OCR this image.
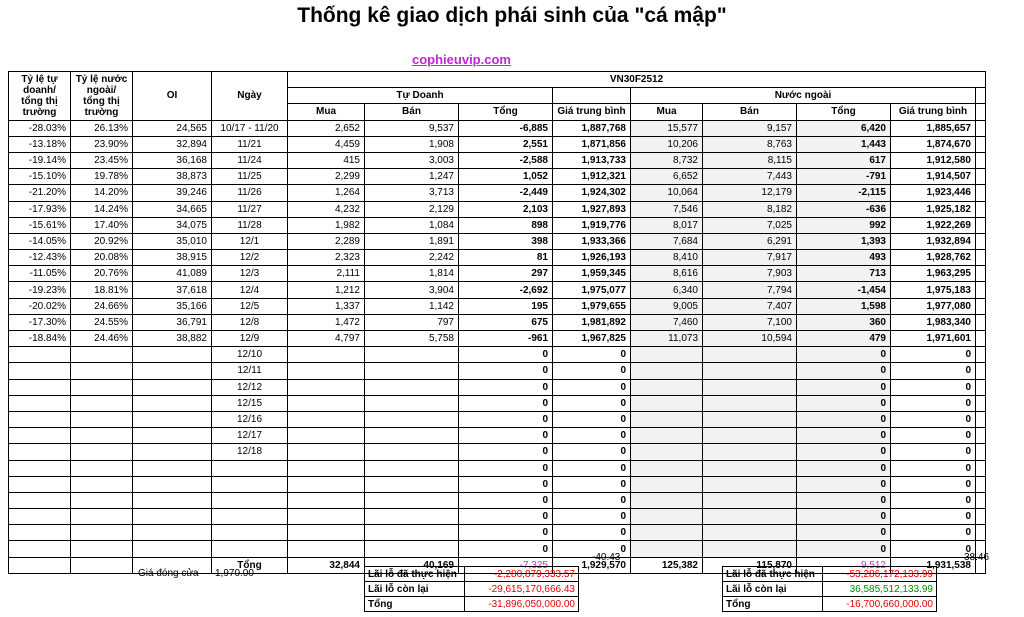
Thống kê giao dịch phái sinh của "cá mập"
cophieuvip.com
Tỷ lệ tự doanh/ tổng thị trường	Tỷ lệ nước ngoài/ tổng thị trường	OI	Ngày	VN30F2512								
				Tự Doanh				Nước ngoài				
				Mua	Bán	Tổng	Giá trung bình	Mua	Bán	Tổng	Giá trung bình	
-28.03%	26.13%	24,565	10/17 - 11/20	2,652	9,537	-6,885	1,887,768	15,577	9,157	6,420	1,885,657	
-13.18%	23.90%	32,894	11/21	4,459	1,908	2,551	1,871,856	10,206	8,763	1,443	1,874,670	
-19.14%	23.45%	36,168	11/24	415	3,003	-2,588	1,913,733	8,732	8,115	617	1,912,580	
-15.10%	19.78%	38,873	11/25	2,299	1,247	1,052	1,912,321	6,652	7,443	-791	1,914,507	
-21.20%	14.20%	39,246	11/26	1,264	3,713	-2,449	1,924,302	10,064	12,179	-2,115	1,923,446	
-17.93%	14.24%	34,665	11/27	4,232	2,129	2,103	1,927,893	7,546	8,182	-636	1,925,182	
-15.61%	17.40%	34,075	11/28	1,982	1,084	898	1,919,776	8,017	7,025	992	1,922,269	
-14.05%	20.92%	35,010	12/1	2,289	1,891	398	1,933,366	7,684	6,291	1,393	1,932,894	
-12.43%	20.08%	38,915	12/2	2,323	2,242	81	1,926,193	8,410	7,917	493	1,928,762	
-11.05%	20.76%	41,089	12/3	2,111	1,814	297	1,959,345	8,616	7,903	713	1,963,295	
-19.23%	18.81%	37,618	12/4	1,212	3,904	-2,692	1,975,077	6,340	7,794	-1,454	1,975,183	
-20.02%	24.66%	35,166	12/5	1,337	1,142	195	1,979,655	9,005	7,407	1,598	1,977,080	
-17.30%	24.55%	36,791	12/8	1,472	797	675	1,981,892	7,460	7,100	360	1,983,340	
-18.84%	24.46%	38,882	12/9	4,797	5,758	-961	1,967,825	11,073	10,594	479	1,971,601	
			12/10			0	0			0	0	
			12/11			0	0			0	0	
			12/12			0	0			0	0	
			12/15			0	0			0	0	
			12/16			0	0			0	0	
			12/17			0	0			0	0	
			12/18			0	0			0	0	
						0	0			0	0	
						0	0			0	0	
						0	0			0	0	
						0	0			0	0	
						0	0			0	0	
						0	0			0	0	
			Tổng	32,844	40,169	-7,325	1,929,570	125,382	115,870	9,512	1,931,538	
-40.43	38.46
Giá đóng cửa 1,970.00	Lãi lỗ đã thực hiện	-2,280,879,333.57
Lãi lỗ còn lại	-29,615,170,666.43
Tổng	-31,896,050,000.00
Lãi lỗ đã thực hiện	-53,286,172,133.99
Lãi lỗ còn lại	36,585,512,133.99
Tổng	-16,700,660,000.00
